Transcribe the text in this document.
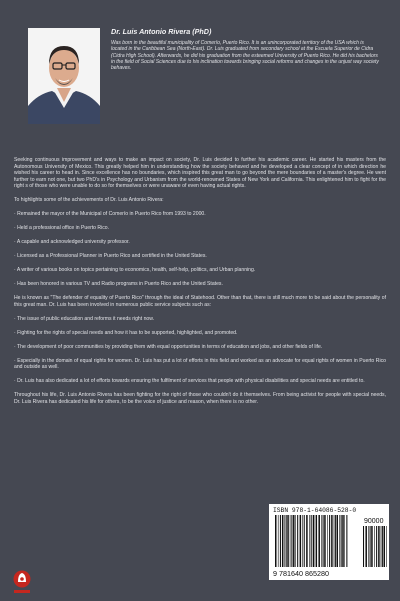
Dr. Luis Antonio Rivera (PhD)
Was born in the beautiful municipality of Comerío, Puerto Rico. It is an unincorporated territory of the USA which is located in the Caribbean Sea (North-East). Dr. Luis graduated from secondary school at the Escuela Superior de Cidra (Cidra High School). Afterwards, he did his graduation from the esteemed University of Puerto Rico. He did his bachelors in the field of Social Sciences due to his inclination towards bringing social reforms and changes in the unjust way society behaves.

Seeking continuous improvement and ways to make an impact on society, Dr. Luis decided to further his academic career. He started his masters from the Autonomous University of Mexico. This greatly helped him in understanding how the society behaved and he developed a clear concept of in which direction he wished his career to head in. Since excellence has no boundaries, which inspired this great man to go beyond the mere boundaries of a master's degree. He went further to earn not one, but two PhD's in Psychology and Urbanism from the world-renowned States of New York and California. This enlightened him to fight for the right s of those who were unable to do so for themselves or were unaware of even having actual rights.

To highlights some of the achievements of Dr. Luis Antonio Rivera:

· Remained the mayor of the Municipal of Comerío in Puerto Rico from 1993 to 2000.

· Held a professional office in Puerto Rico.

· A capable and acknowledged university professor.

· Licensed as a Professional Planner in Puerto Rico and certified in the United States.

· A writer of various books on topics pertaining to economics, health, self-help, politics, and Urban planning.

· Has been honored in various TV and Radio programs in Puerto Rico and the United States.

He is known as "The defender of equality of Puerto Rico" through the ideal of Statehood. Other than that, there is still much more to be said about the personality of this great man. Dr. Luis has been involved in numerous public service subjects such as:

· The issue of public education and reforms it needs right now.

· Fighting for the rights of special needs and how it has to be supported, highlighted, and promoted.

· The development of poor communities by providing them with equal opportunities in terms of education and jobs, and other fields of life.

· Especially in the domain of equal rights for women. Dr. Luis has put a lot of efforts in this field and worked as an advocate for equal rights of women in Puerto Rico and outside as well.

· Dr. Luis has also dedicated a lot of efforts towards ensuring the fulfilment of services that people with physical disabilities and special needs are entitled to.

Throughout his life, Dr. Luis Antonio Rivera has been fighting for the right of those who couldn't do it themselves. From being activist for people with special needs, Dr. Luis Rivera has dedicated his life for others, to be the voice of justice and reason, when there is no other.

ISBN 978-1-64086-528-0
90000
9 781640 865280
